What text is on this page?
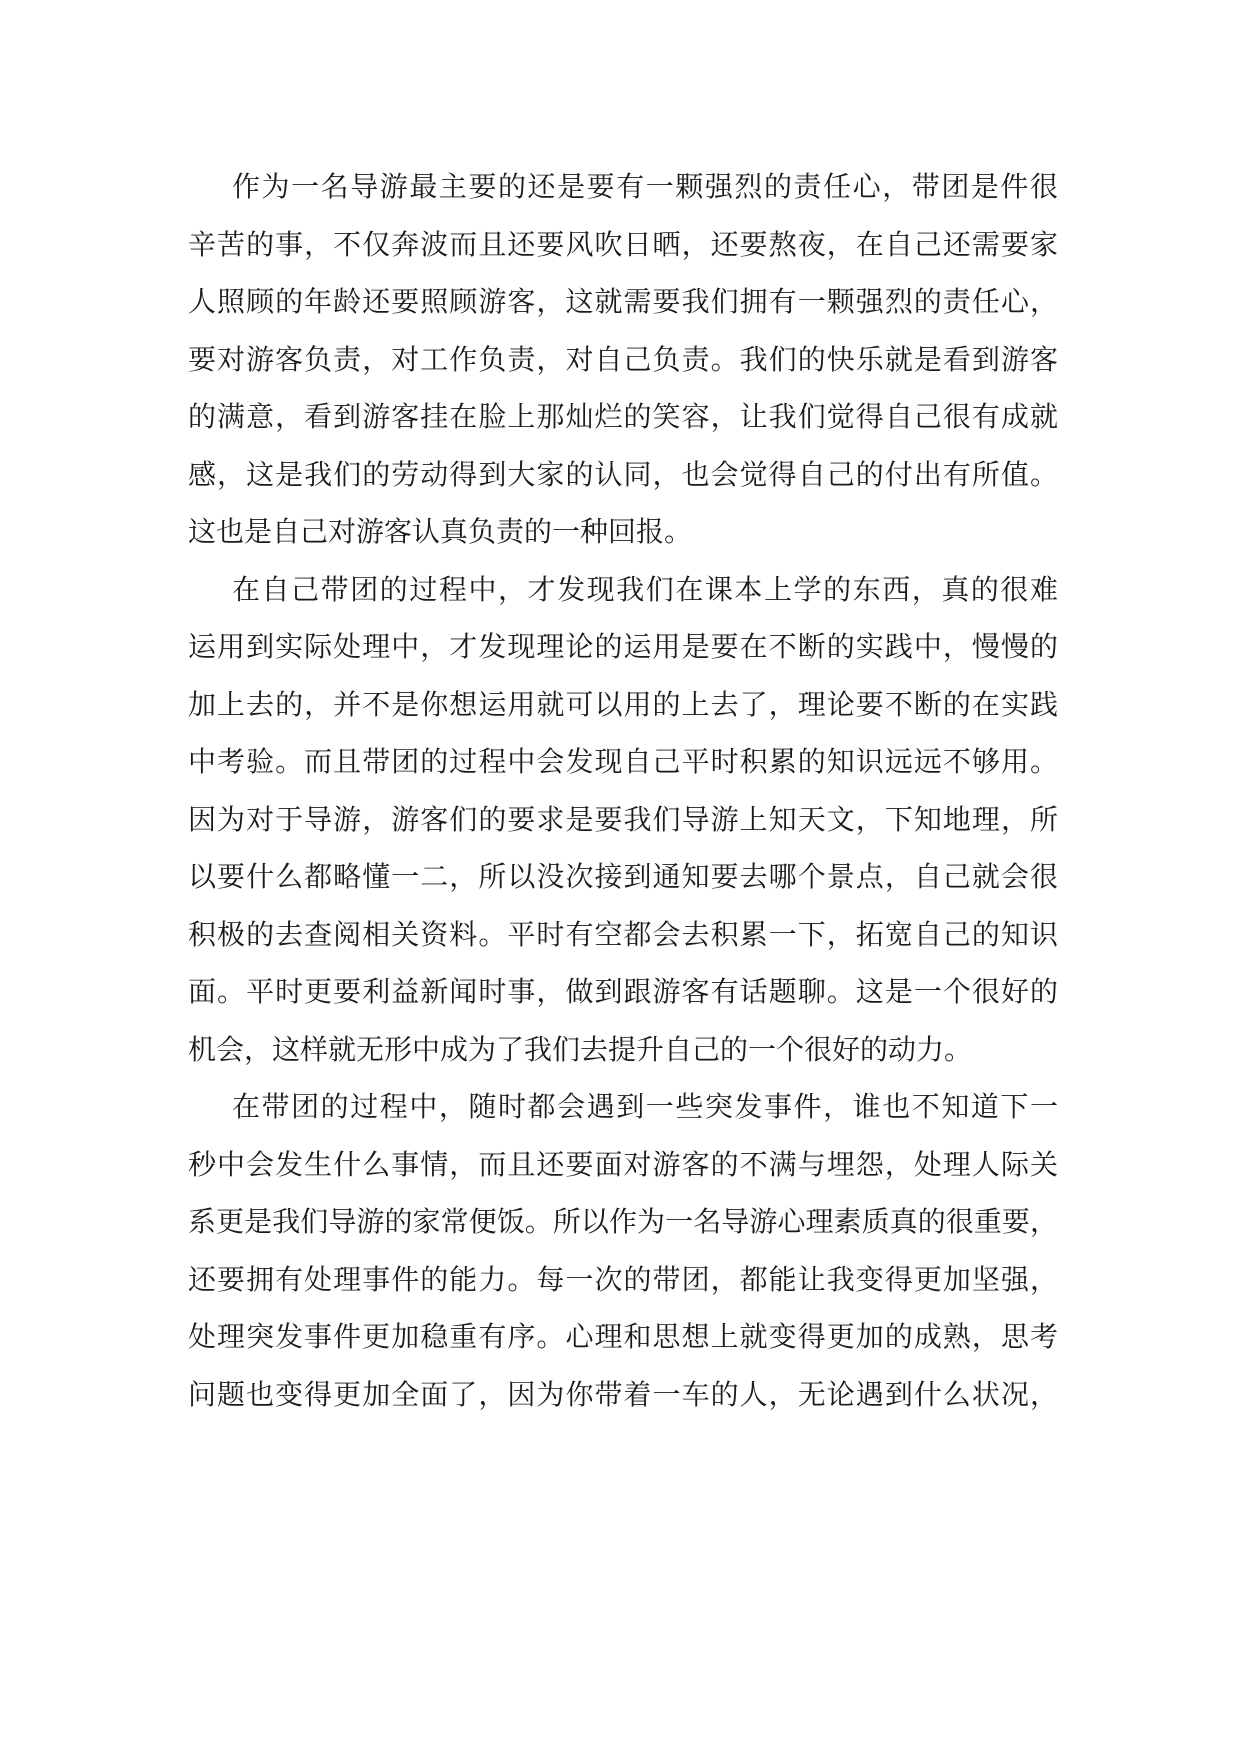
作为一名导游最主要的还是要有一颗强烈的责任心，带团是件很
辛苦的事，不仅奔波而且还要风吹日晒，还要熬夜，在自己还需要家
人照顾的年龄还要照顾游客，这就需要我们拥有一颗强烈的责任心，
要对游客负责，对工作负责，对自己负责。我们的快乐就是看到游客
的满意，看到游客挂在脸上那灿烂的笑容，让我们觉得自己很有成就
感，这是我们的劳动得到大家的认同，也会觉得自己的付出有所值。
这也是自己对游客认真负责的一种回报。

在自己带团的过程中，才发现我们在课本上学的东西，真的很难
运用到实际处理中，才发现理论的运用是要在不断的实践中，慢慢的
加上去的，并不是你想运用就可以用的上去了，理论要不断的在实践
中考验。而且带团的过程中会发现自己平时积累的知识远远不够用。
因为对于导游，游客们的要求是要我们导游上知天文，下知地理，所
以要什么都略懂一二，所以没次接到通知要去哪个景点，自己就会很
积极的去查阅相关资料。平时有空都会去积累一下，拓宽自己的知识
面。平时更要利益新闻时事，做到跟游客有话题聊。这是一个很好的
机会，这样就无形中成为了我们去提升自己的一个很好的动力。

在带团的过程中，随时都会遇到一些突发事件，谁也不知道下一
秒中会发生什么事情，而且还要面对游客的不满与埋怨，处理人际关
系更是我们导游的家常便饭。所以作为一名导游心理素质真的很重要，
还要拥有处理事件的能力。每一次的带团，都能让我变得更加坚强，
处理突发事件更加稳重有序。心理和思想上就变得更加的成熟，思考
问题也变得更加全面了，因为你带着一车的人，无论遇到什么状况，
